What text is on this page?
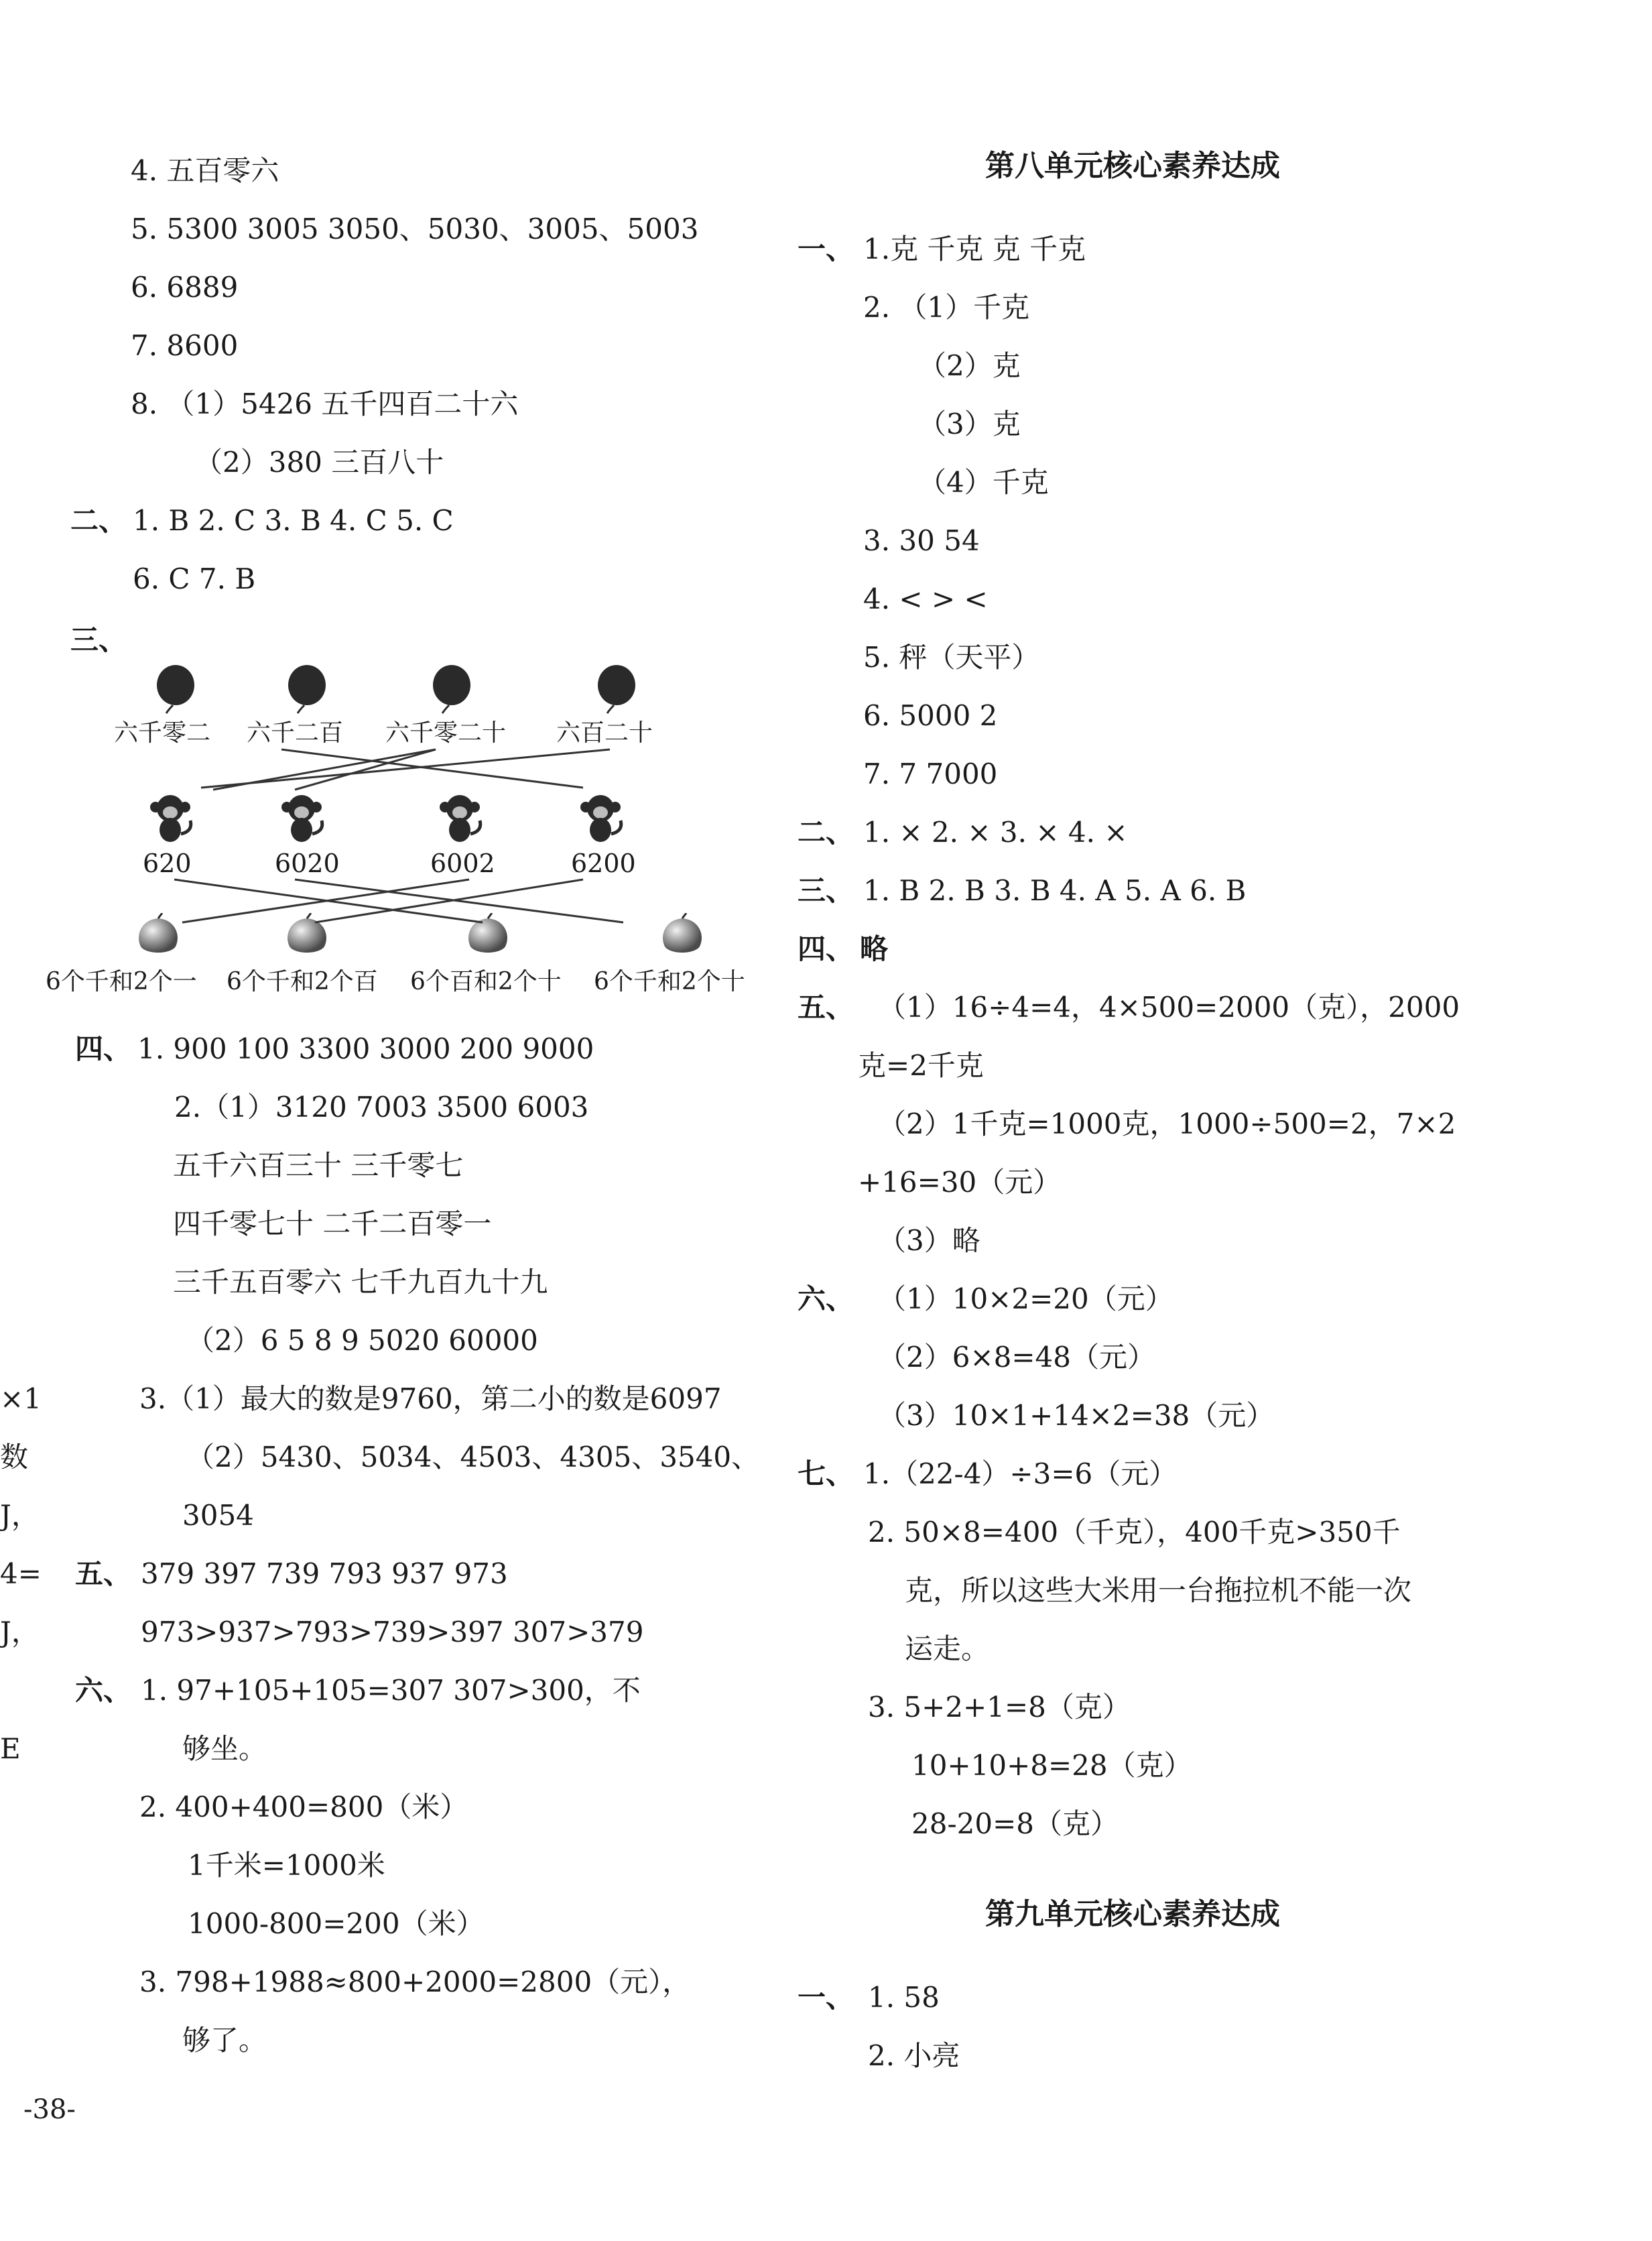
4. 五百零六
5. 5300 3005 3050、5030、3005、5003
6. 6889
7. 8600
8. （1）5426 五千四百二十六
（2）380 三百八十
二、 1. B 2. C 3. B 4. C 5. C
6. C 7. B
三、
六千零二 六千二百 六千零二十 六百二十
620	6020	6002	6200
6个千和2个一 6个千和2个百 6个百和2个十 6个千和2个十
四、 1. 900 100 3300 3000 200 9000
2.（1）3120 7003 3500 6003
五千六百三十 三千零七
四千零七十 二千二百零一
三千五百零六 七千九百九十九
（2）6 5 8 9 5020 60000
3.（1）最大的数是9760，第二小的数是6097
（2）5430、5034、4503、4305、3540、
3054
五、 379 397 739 793 937 973
973>937>793>739>397 307>379
六、 1. 97+105+105=307 307>300，不
够坐。
2. 400+400=800（米）
1千米=1000米
1000-800=200（米）
3. 798+1988≈800+2000=2800（元），
够了。
-38-
×1
数
J，
4=
J，
E
第八单元核心素养达成
一、 1.克 千克 克 千克
2. （1）千克
（2）克
（3）克
（4）千克
3. 30 54
4. < > <
5. 秤（天平）
6. 5000 2
7. 7 7000
二、 1. × 2. × 3. × 4. ×
三、 1. B 2. B 3. B 4. A 5. A 6. B
四、 略
五、 （1）16÷4=4，4×500=2000（克），2000
克=2千克
（2）1千克=1000克，1000÷500=2，7×2
+16=30（元）
（3）略
六、 （1）10×2=20（元）
（2）6×8=48（元）
（3）10×1+14×2=38（元）
七、 1.（22-4）÷3=6（元）
2. 50×8=400（千克），400千克>350千
克，所以这些大米用一台拖拉机不能一次
运走。
3. 5+2+1=8（克）
10+10+8=28（克）
28-20=8（克）
第九单元核心素养达成
一、 1. 58
2. 小亮
